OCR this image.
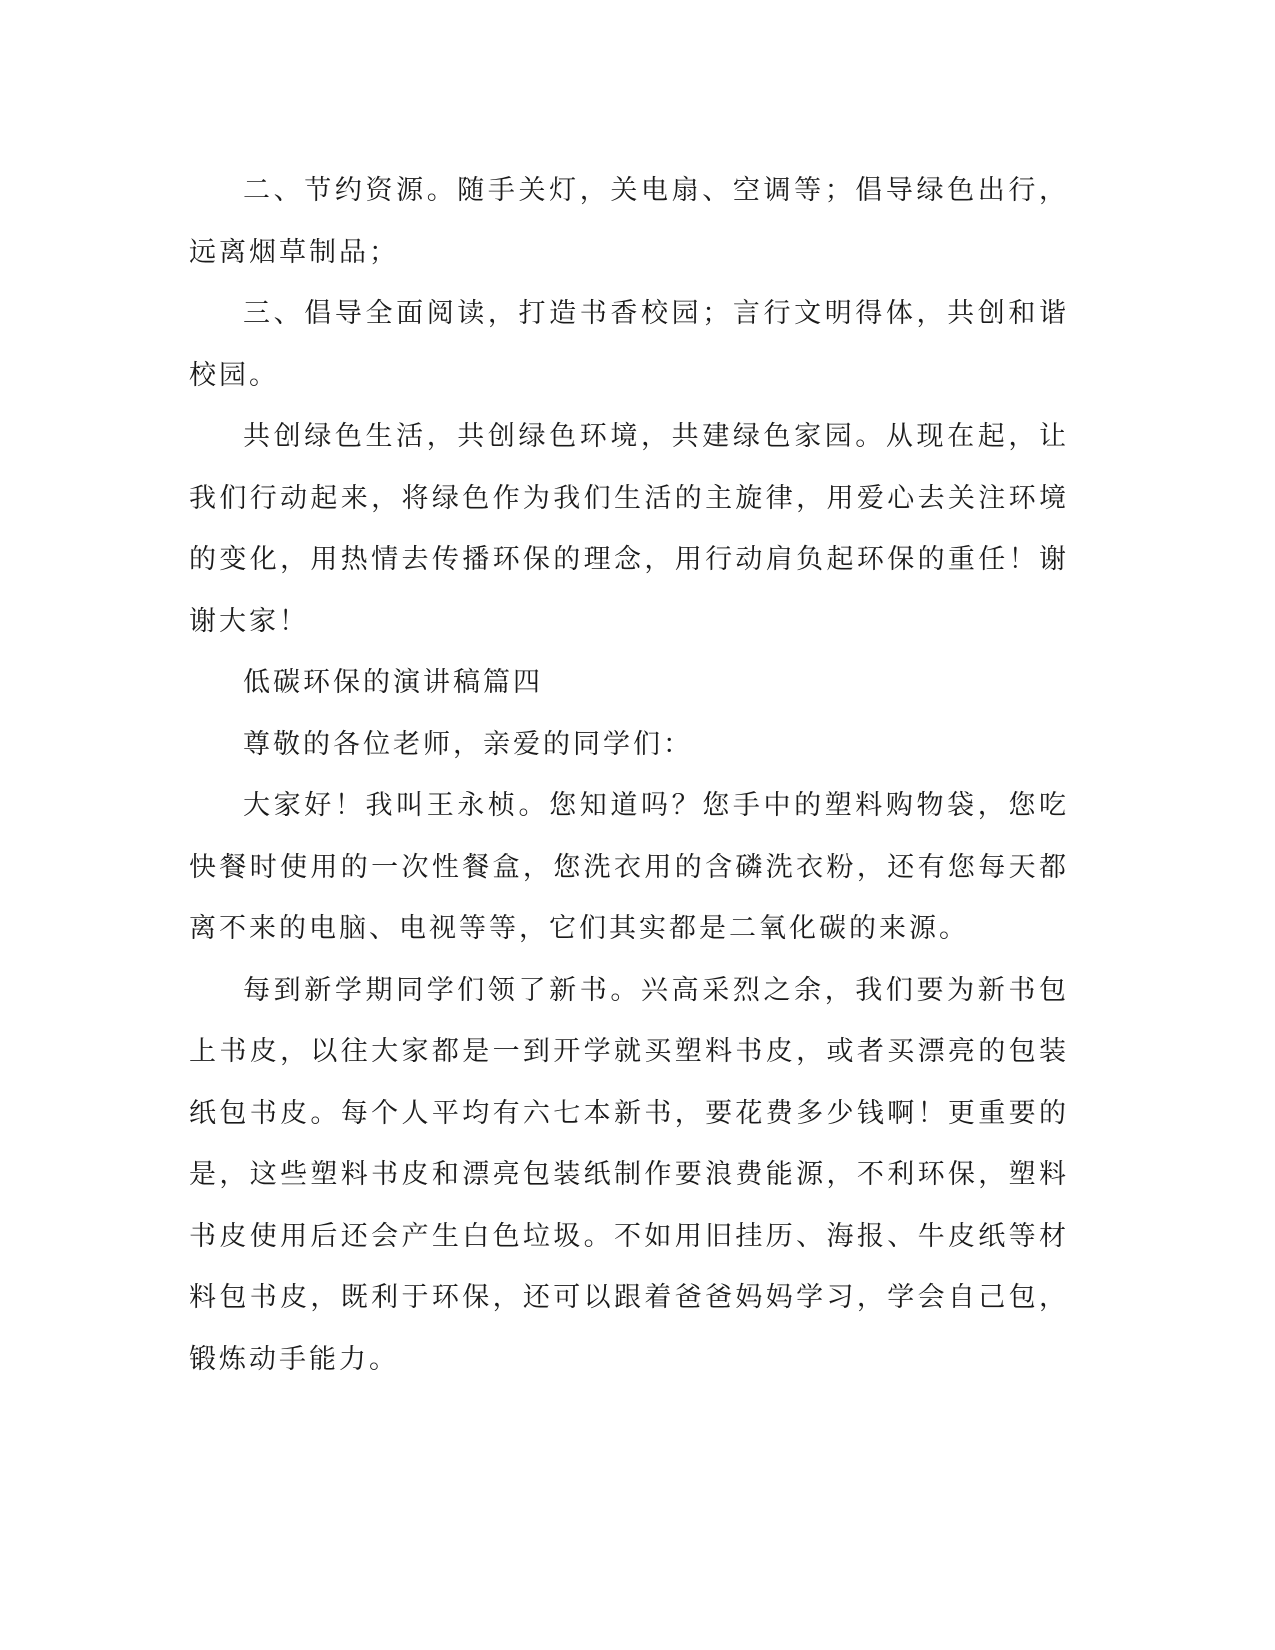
二、节约资源。随手关灯，关电扇、空调等；倡导绿色出行，远离烟草制品；

三、倡导全面阅读，打造书香校园；言行文明得体，共创和谐校园。

共创绿色生活，共创绿色环境，共建绿色家园。从现在起，让我们行动起来，将绿色作为我们生活的主旋律，用爱心去关注环境的变化，用热情去传播环保的理念，用行动肩负起环保的重任！谢谢大家！

低碳环保的演讲稿篇四

尊敬的各位老师，亲爱的同学们：

大家好！我叫王永桢。您知道吗？您手中的塑料购物袋，您吃快餐时使用的一次性餐盒，您洗衣用的含磷洗衣粉，还有您每天都离不来的电脑、电视等等，它们其实都是二氧化碳的来源。

每到新学期同学们领了新书。兴高采烈之余，我们要为新书包上书皮，以往大家都是一到开学就买塑料书皮，或者买漂亮的包装纸包书皮。每个人平均有六七本新书，要花费多少钱啊！更重要的是，这些塑料书皮和漂亮包装纸制作要浪费能源，不利环保，塑料书皮使用后还会产生白色垃圾。不如用旧挂历、海报、牛皮纸等材料包书皮，既利于环保，还可以跟着爸爸妈妈学习，学会自己包，锻炼动手能力。
